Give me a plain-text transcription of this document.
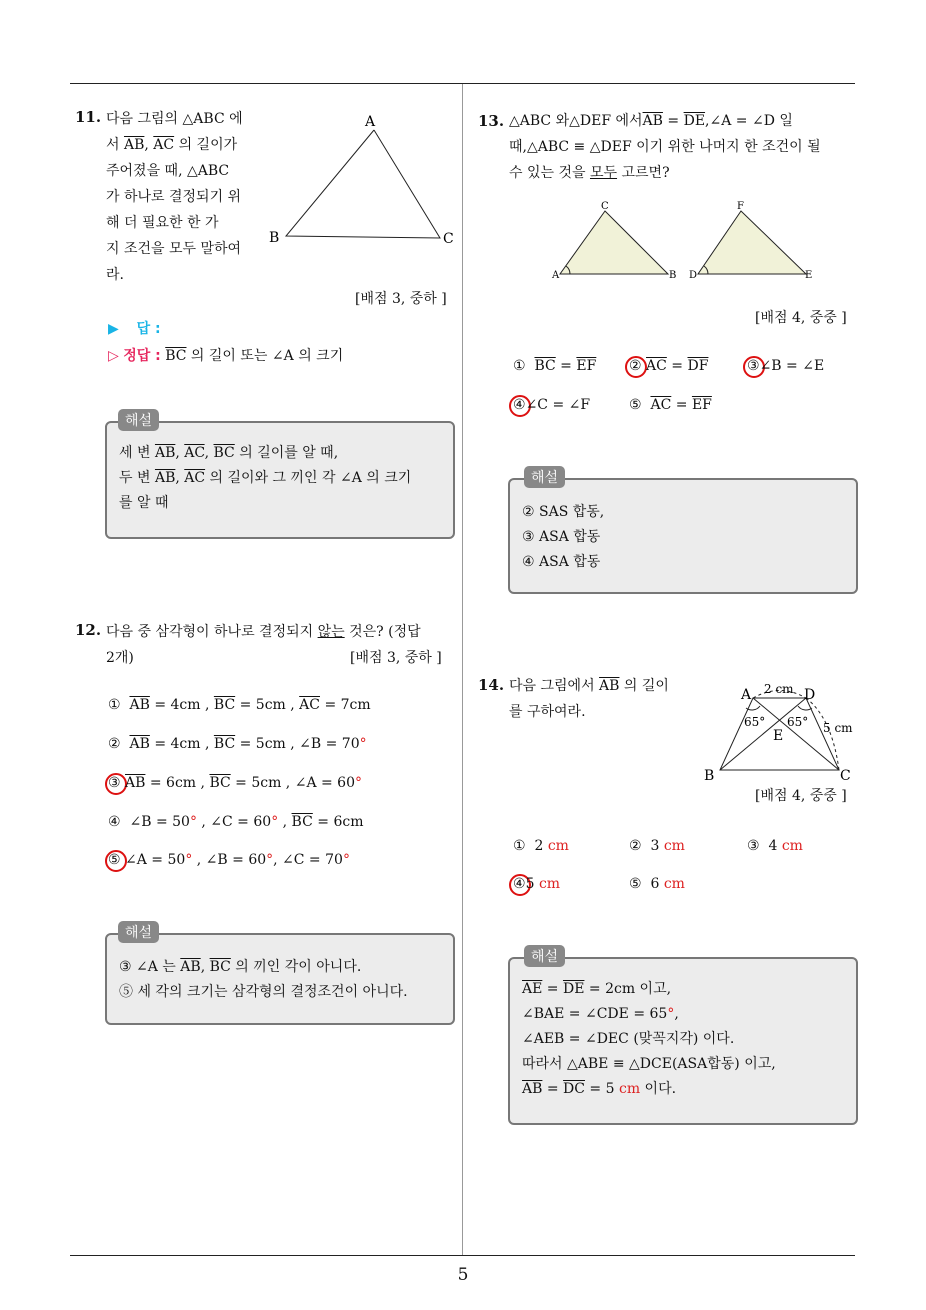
5
11. 다음 그림의 △ABC 에
서 $\overline{AB}$, $\overline{AC}$ 의 길이가
주어졌을 때, △ABC
가 하나로 결정되기 위
해 더 필요한 한 가
지 조건을 모두 말하여
라.
A
B	C
[배점 3, 중하 ]
▶ 답 :
▷ 정답 : $\overline{BC}$ 의 길이 또는 ∠A 의 크기
세 변 $\overline{AB}$, $\overline{AC}$, $\overline{BC}$ 의 길이를 알 때,
두 변 $\overline{AB}$, $\overline{AC}$ 의 길이와 그 끼인 각 ∠A 의 크기
를 알 때
해설
12. 다음 중 삼각형이 하나로 결정되지 않는 것은? (정답
2개)	[배점 3, 중하 ]
① $\overline{AB} = 4cm$ , $\overline{BC} = 5cm$ , $\overline{AC} = 7cm$
② $\overline{AB} = 4cm$ , $\overline{BC} = 5cm$ , ∠B = 70°
③ $\overline{AB} = 6cm$ , $\overline{BC} = 5cm$ , ∠A = 60°
④ ∠B = 50° , ∠C = 60° , $\overline{BC} = 6cm$
⑤ ∠A = 50° , ∠B = 60°, ∠C = 70°
③ ∠A 는 $\overline{AB}$, $\overline{BC}$ 의 끼인 각이 아니다.
⑤ 세 각의 크기는 삼각형의 결정조건이 아니다.
해설
13. △ABC 와△DEF 에서$\overline{AB}$ = $\overline{DE},\angle A$ = ∠D 일
때,△ABC ≡ △DEF 이기 위한 나머지 한 조건이 될
수 있는 것을 모두 고르면?
C
A	B
F
D	E
[배점 4, 중중 ]
① $\overline{BC} = \overline{EF}$ ② $\overline{AC} = \overline{DF}$	③∠B = ∠E
④∠C = ∠F	⑤ $\overline{AC} = \overline{EF}$
② SAS 합동,
③ ASA 합동
④ ASA 합동
해설
14. 다음 그림에서 $\overline{AB}$ 의 길이
를 구하여라.
A	D
2 cm
65° 65° 5 cm
E
B	C
[배점 4, 중중 ]
① 2 cm	② 3 cm	③ 4 cm
④5 cm	⑤ 6 cm
$\overline{AE} = \overline{DE} = 2cm$ 이고,
∠BAE = ∠CDE = 65°,
∠AEB = ∠DEC (맞꼭지각) 이다.
따라서 △ABE ≡ △DCE(ASA합동) 이고,
$\overline{AB} = \overline{DC} = 5$ cm 이다.
해설
